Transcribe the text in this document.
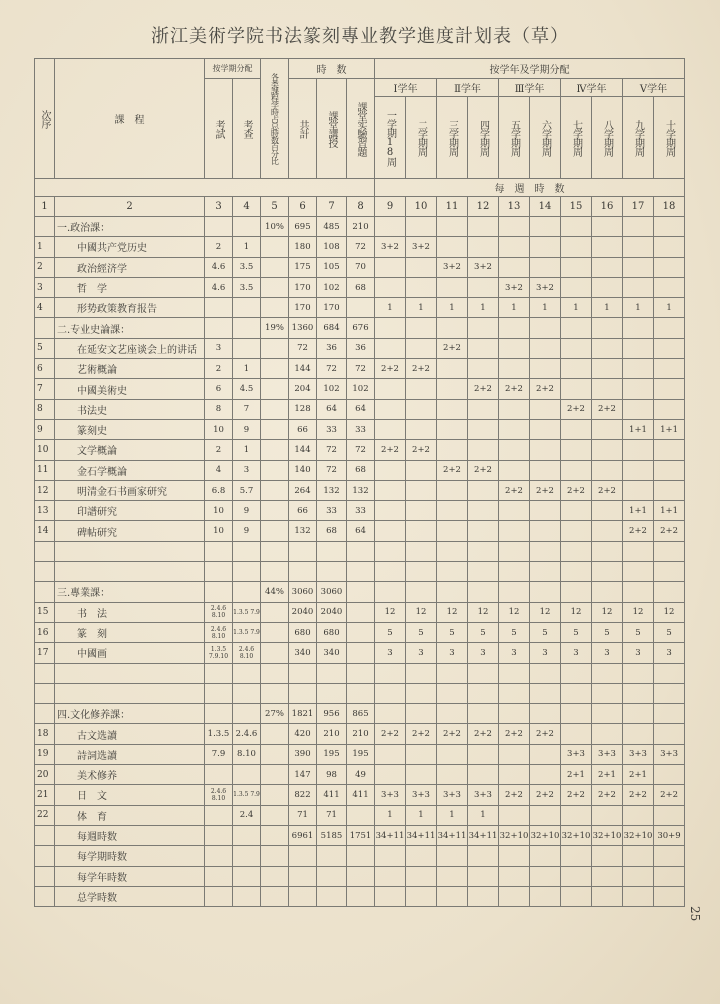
浙江美術学院书法篆刻專业教学進度計划表（草）
25
次序	課　程	按学期分配		各类課程学時占总時数百分比	時　数			按学年及学期分配									

		考試	考查		共計	課堂講授	課堂实驗習題	Ⅰ学年		Ⅱ学年		Ⅲ学年		Ⅳ学年		Ⅴ学年	

								一学期18周	二学期周	三学期周	四学期周	五学期周	六学期周	七学期周	八学期周	九学期周	十学期周

								每　週　時　数									
1	2	3	4	5	6	7	8	9	10	11	12	13	14	15	16	17	18
	一.政治課：			10%	695	485	210										
1	中國共产党历史	2	1		180	108	72	3+2	3+2								
2	政治經济学	4.6	3.5		175	105	70			3+2	3+2						
3	哲　学	4.6	3.5		170	102	68					3+2	3+2				
4	形势政策教育报告				170	170		1	1	1	1	1	1	1	1	1	1
	二.专业史論課：			19%	1360	684	676										
5	在延安文艺座谈会上的讲话	3			72	36	36			2+2							
6	艺術概論	2	1		144	72	72	2+2	2+2								
7	中國美術史	6	4.5		204	102	102				2+2	2+2	2+2				
8	书法史	8	7		128	64	64							2+2	2+2		
9	篆刻史	10	9		66	33	33									1+1	1+1
10	文学概論	2	1		144	72	72	2+2	2+2								
11	金石学概論	4	3		140	72	68			2+2	2+2						
12	明清金石书画家研究	6.8	5.7		264	132	132					2+2	2+2	2+2	2+2		
13	印譜研究	10	9		66	33	33									1+1	1+1
14	碑帖研究	10	9		132	68	64									2+2	2+2

	三.專業課：			44%	3060	3060											
15	书　法	2.4.6 8.10	1.3.5 7.9		2040	2040		12	12	12	12	12	12	12	12	12	12
16	篆　刻	2.4.6 8.10	1.3.5 7.9		680	680		5	5	5	5	5	5	5	5	5	5
17	中國画	1.3.5 7.9.10	2.4.6 8.10		340	340		3	3	3	3	3	3	3	3	3	3

	四.文化修养課：			27%	1821	956	865										
18	古文选讀	1.3.5	2.4.6		420	210	210	2+2	2+2	2+2	2+2	2+2	2+2				
19	詩詞选讀	7.9	8.10		390	195	195							3+3	3+3	3+3	3+3
20	美术修养				147	98	49							2+1	2+1	2+1	
21	日　文	2.4.6 8.10	1.3.5 7.9		822	411	411	3+3	3+3	3+3	3+3	2+2	2+2	2+2	2+2	2+2	2+2
22	体　育		2.4		71	71		1	1	1	1						
	每週時数				6961	5185	1751	34+11	34+11	34+11	34+11	32+10	32+10	32+10	32+10	32+10	30+9
	每学期時数																
	每学年時数																
	总学時数																
